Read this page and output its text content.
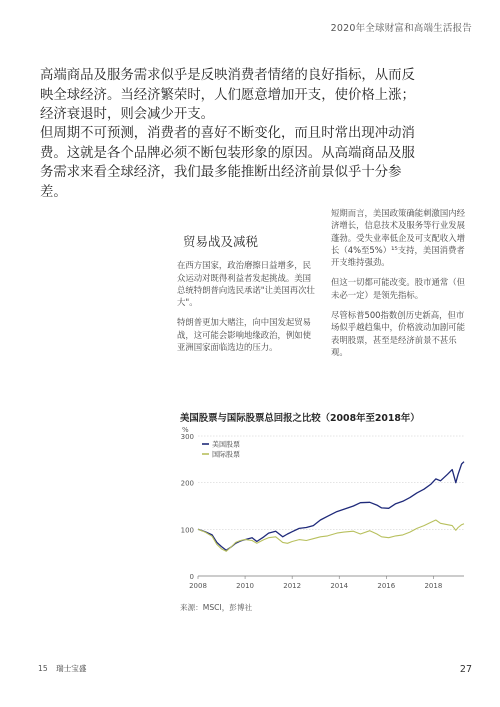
2020年全球财富和高端生活报告

高端商品及服务需求似乎是反映消费者情绪的良好指标，从而反映全球经济。当经济繁荣时，人们愿意增加开支，使价格上涨；经济衰退时，则会减少开支。

但周期不可预测，消费者的喜好不断变化，而且时常出现冲动消费。这就是各个品牌必须不断包装形象的原因。从高端商品及服务需求来看全球经济，我们最多能推断出经济前景似乎十分参差。

贸易战及减税

在西方国家，政治磨擦日益增多，民众运动对既得利益者发起挑战。美国总统特朗普向选民承诺"让美国再次壮大"。

特朗普更加大赌注，向中国发起贸易战，这可能会影响地缘政治，例如使亚洲国家面临选边的压力。

短期而言，美国政策确能刺激国内经济增长，信息技术及服务等行业发展蓬勃。受失业率低企及可支配收入增长（4%至5%）¹⁵支持，美国消费者开支维持强劲。

但这一切都可能改变。股市通常（但未必一定）是领先指标。

尽管标普500指数创历史新高，但市场似乎越趋集中，价格波动加剧可能表明股票，甚至是经济前景不甚乐观。

美国股票与国际股票总回报之比较（2008年至2018年）
0
100
200
300
%
2008	2010	2012	2014	2016	2018
美国股票
国际股票
来源：MSCI，彭博社
15 瑞士宝盛	27
